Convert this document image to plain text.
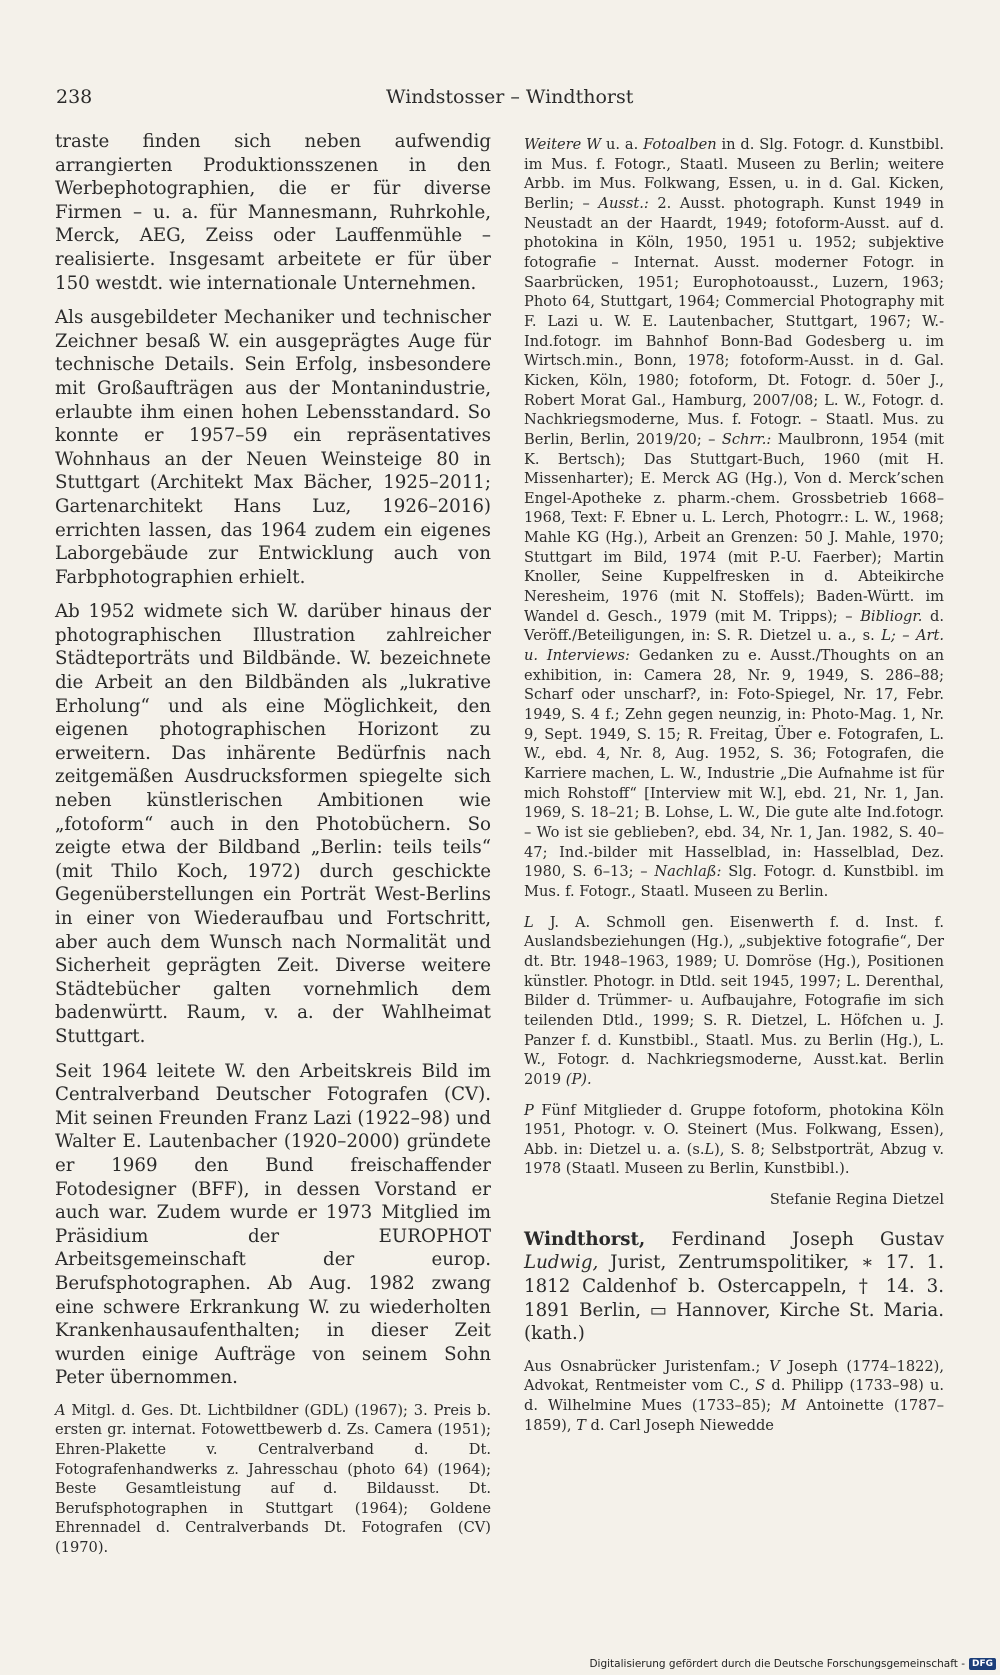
238	Windstosser – Windthorst

traste finden sich neben aufwendig arrangierten Produktionsszenen in den Werbephotographien, die er für diverse Firmen – u. a. für Mannesmann, Ruhrkohle, Merck, AEG, Zeiss oder Lauffenmühle – realisierte. Insgesamt arbeitete er für über 150 westdt. wie internationale Unternehmen.

Als ausgebildeter Mechaniker und technischer Zeichner besaß W. ein ausgeprägtes Auge für technische Details. Sein Erfolg, insbesondere mit Großaufträgen aus der Montanindustrie, erlaubte ihm einen hohen Lebensstandard. So konnte er 1957–59 ein repräsentatives Wohnhaus an der Neuen Weinsteige 80 in Stuttgart (Architekt Max Bächer, 1925–2011; Gartenarchitekt Hans Luz, 1926–2016) errichten lassen, das 1964 zudem ein eigenes Laborgebäude zur Entwicklung auch von Farbphotographien erhielt.

Ab 1952 widmete sich W. darüber hinaus der photographischen Illustration zahlreicher Städteporträts und Bildbände. W. bezeichnete die Arbeit an den Bildbänden als „lukrative Erholung“ und als eine Möglichkeit, den eigenen photographischen Horizont zu erweitern. Das inhärente Bedürfnis nach zeitgemäßen Ausdrucksformen spiegelte sich neben künstlerischen Ambitionen wie „fotoform“ auch in den Photobüchern. So zeigte etwa der Bildband „Berlin: teils teils“ (mit Thilo Koch, 1972) durch geschickte Gegenüberstellungen ein Porträt West-Berlins in einer von Wiederaufbau und Fortschritt, aber auch dem Wunsch nach Normalität und Sicherheit geprägten Zeit. Diverse weitere Städtebücher galten vornehmlich dem badenwürtt. Raum, v. a. der Wahlheimat Stuttgart.

Seit 1964 leitete W. den Arbeitskreis Bild im Centralverband Deutscher Fotografen (CV). Mit seinen Freunden Franz Lazi (1922–98) und Walter E. Lautenbacher (1920–2000) gründete er 1969 den Bund freischaffender Fotodesigner (BFF), in dessen Vorstand er auch war. Zudem wurde er 1973 Mitglied im Präsidium der EUROPHOT Arbeitsgemeinschaft der europ. Berufsphotographen. Ab Aug. 1982 zwang eine schwere Erkrankung W. zu wiederholten Krankenhausaufenthalten; in dieser Zeit wurden einige Aufträge von seinem Sohn Peter übernommen.

A Mitgl. d. Ges. Dt. Lichtbildner (GDL) (1967); 3. Preis b. ersten gr. internat. Fotowettbewerb d. Zs. Camera (1951); Ehren-Plakette v. Centralverband d. Dt. Fotografenhandwerks z. Jahresschau (photo 64) (1964); Beste Gesamtleistung auf d. Bildausst. Dt. Berufsphotographen in Stuttgart (1964); Goldene Ehrennadel d. Centralverbands Dt. Fotografen (CV) (1970).

Weitere W u. a. Fotoalben in d. Slg. Fotogr. d. Kunstbibl. im Mus. f. Fotogr., Staatl. Museen zu Berlin; weitere Arbb. im Mus. Folkwang, Essen, u. in d. Gal. Kicken, Berlin; – Ausst.: 2. Ausst. photograph. Kunst 1949 in Neustadt an der Haardt, 1949; fotoform-Ausst. auf d. photokina in Köln, 1950, 1951 u. 1952; subjektive fotografie – Internat. Ausst. moderner Fotogr. in Saarbrücken, 1951; Europhotoausst., Luzern, 1963; Photo 64, Stuttgart, 1964; Commercial Photography mit F. Lazi u. W. E. Lautenbacher, Stuttgart, 1967; W.-Ind.fotogr. im Bahnhof Bonn-Bad Godesberg u. im Wirtsch.min., Bonn, 1978; fotoform-Ausst. in d. Gal. Kicken, Köln, 1980; fotoform, Dt. Fotogr. d. 50er J., Robert Morat Gal., Hamburg, 2007/08; L. W., Fotogr. d. Nachkriegsmoderne, Mus. f. Fotogr. – Staatl. Mus. zu Berlin, Berlin, 2019/20; – Schrr.: Maulbronn, 1954 (mit K. Bertsch); Das Stuttgart-Buch, 1960 (mit H. Missenharter); E. Merck AG (Hg.), Von d. Merck’schen Engel-Apotheke z. pharm.-chem. Grossbetrieb 1668–1968, Text: F. Ebner u. L. Lerch, Photogrr.: L. W., 1968; Mahle KG (Hg.), Arbeit an Grenzen: 50 J. Mahle, 1970; Stuttgart im Bild, 1974 (mit P.-U. Faerber); Martin Knoller, Seine Kuppelfresken in d. Abteikirche Neresheim, 1976 (mit N. Stoffels); Baden-Württ. im Wandel d. Gesch., 1979 (mit M. Tripps); – Bibliogr. d. Veröff./Beteiligungen, in: S. R. Dietzel u. a., s. L; – Art. u. Interviews: Gedanken zu e. Ausst./Thoughts on an exhibition, in: Camera 28, Nr. 9, 1949, S. 286–88; Scharf oder unscharf?, in: Foto-Spiegel, Nr. 17, Febr. 1949, S. 4 f.; Zehn gegen neunzig, in: Photo-Mag. 1, Nr. 9, Sept. 1949, S. 15; R. Freitag, Über e. Fotografen, L. W., ebd. 4, Nr. 8, Aug. 1952, S. 36; Fotografen, die Karriere machen, L. W., Industrie „Die Aufnahme ist für mich Rohstoff“ [Interview mit W.], ebd. 21, Nr. 1, Jan. 1969, S. 18–21; B. Lohse, L. W., Die gute alte Ind.fotogr. – Wo ist sie geblieben?, ebd. 34, Nr. 1, Jan. 1982, S. 40–47; Ind.-bilder mit Hasselblad, in: Hasselblad, Dez. 1980, S. 6–13; – Nachlaß: Slg. Fotogr. d. Kunstbibl. im Mus. f. Fotogr., Staatl. Museen zu Berlin.

L J. A. Schmoll gen. Eisenwerth f. d. Inst. f. Auslandsbeziehungen (Hg.), „subjektive fotografie“, Der dt. Btr. 1948–1963, 1989; U. Domröse (Hg.), Positionen künstler. Photogr. in Dtld. seit 1945, 1997; L. Derenthal, Bilder d. Trümmer- u. Aufbaujahre, Fotografie im sich teilenden Dtld., 1999; S. R. Dietzel, L. Höfchen u. J. Panzer f. d. Kunstbibl., Staatl. Mus. zu Berlin (Hg.), L. W., Fotogr. d. Nachkriegsmoderne, Ausst.kat. Berlin 2019 (P).

P Fünf Mitglieder d. Gruppe fotoform, photokina Köln 1951, Photogr. v. O. Steinert (Mus. Folkwang, Essen), Abb. in: Dietzel u. a. (s.L), S. 8; Selbstporträt, Abzug v. 1978 (Staatl. Museen zu Berlin, Kunstbibl.).

Stefanie Regina Dietzel

Windthorst, Ferdinand Joseph Gustav Ludwig, Jurist, Zentrumspolitiker, ∗ 17. 1. 1812 Caldenhof b. Ostercappeln, † 14. 3. 1891 Berlin, ▭ Hannover, Kirche St. Maria. (kath.)

Aus Osnabrücker Juristenfam.; V Joseph (1774–1822), Advokat, Rentmeister vom C., S d. Philipp (1733–98) u. d. Wilhelmine Mues (1733–85); M Antoinette (1787–1859), T d. Carl Joseph Niewedde

Digitalisierung gefördert durch die Deutsche Forschungsgemeinschaft - DFG
